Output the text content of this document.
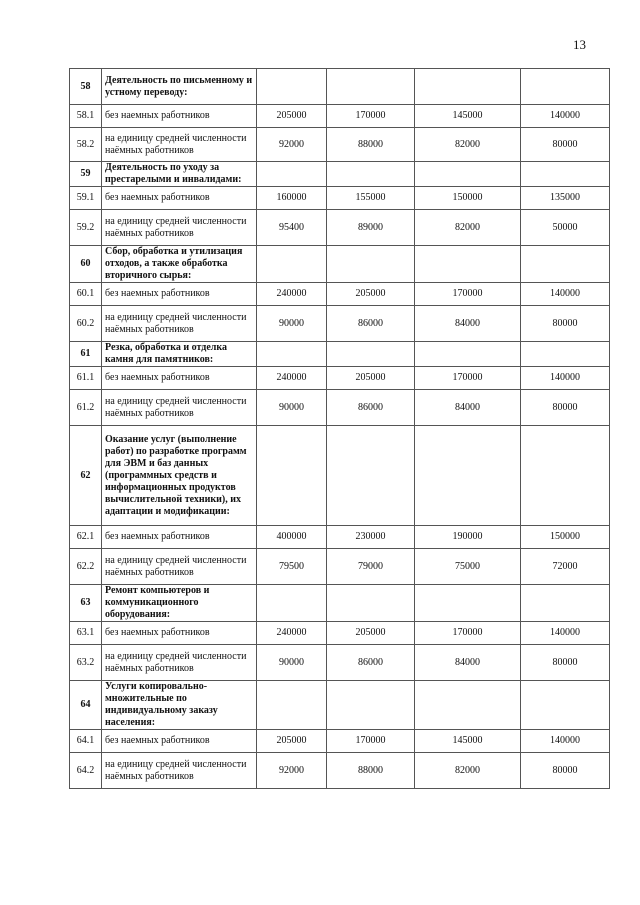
13
58	Деятельность по письменному и устному переводу:				
58.1	без наемных работников	205000	170000	145000	140000
58.2	на единицу средней численности наёмных работников	92000	88000	82000	80000
59	Деятельность по уходу за престарелыми и инвалидами:				
59.1	без наемных работников	160000	155000	150000	135000
59.2	на единицу средней численности наёмных работников	95400	89000	82000	50000
60	Сбор, обработка и утилизация отходов, а также обработка вторичного сырья:				
60.1	без наемных работников	240000	205000	170000	140000
60.2	на единицу средней численности наёмных работников	90000	86000	84000	80000
61	Резка, обработка и отделка камня для памятников:				
61.1	без наемных работников	240000	205000	170000	140000
61.2	на единицу средней численности наёмных работников	90000	86000	84000	80000
62	Оказание услуг (выполнение работ) по разработке программ для ЭВМ и баз данных (программных средств и информационных продуктов вычислительной техники), их адаптации и модификации:				
62.1	без наемных работников	400000	230000	190000	150000
62.2	на единицу средней численности наёмных работников	79500	79000	75000	72000
63	Ремонт компьютеров и коммуникационного оборудования:				
63.1	без наемных работников	240000	205000	170000	140000
63.2	на единицу средней численности наёмных работников	90000	86000	84000	80000
64	Услуги копировально-множительные по индивидуальному заказу населения:				
64.1	без наемных работников	205000	170000	145000	140000
64.2	на единицу средней численности наёмных работников	92000	88000	82000	80000
